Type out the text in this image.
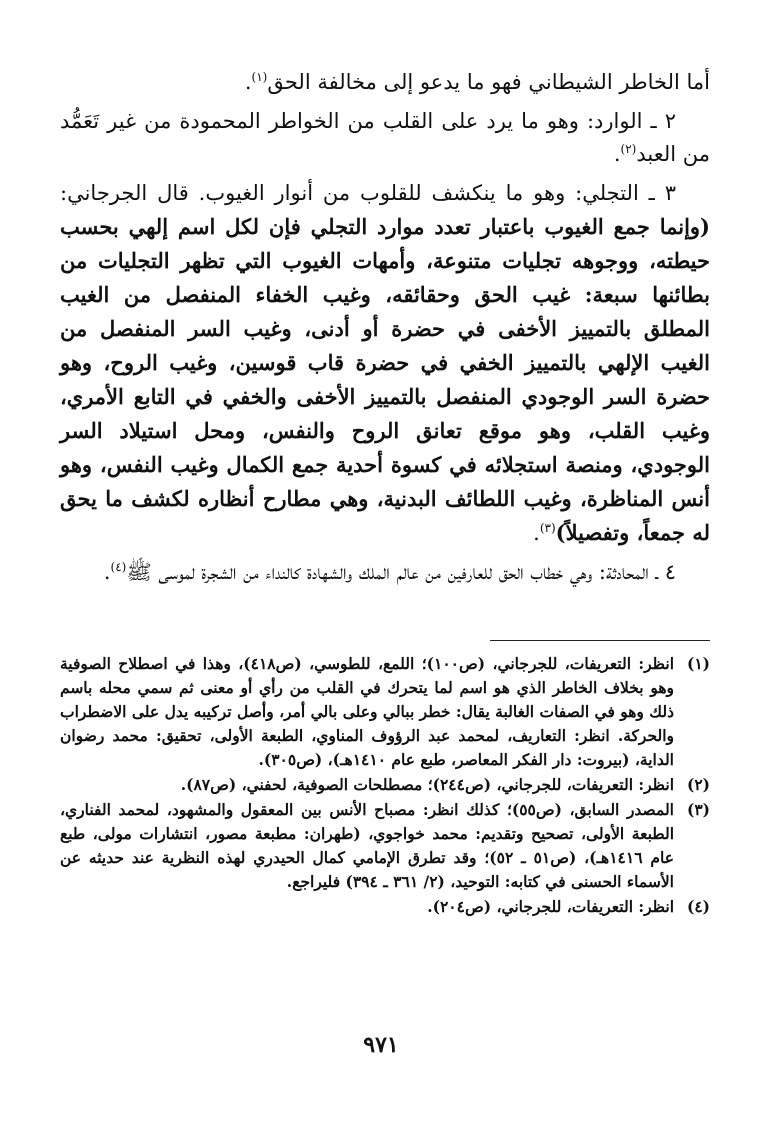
أما الخاطر الشيطاني فهو ما يدعو إلى مخالفة الحق$^{(١)}$.

٢ ـ الوارد: وهو ما يرد على القلب من الخواطر المحمودة من غير تَعَمُّد من العبد$^{(٢)}$.

٣ ـ التجلي: وهو ما ينكشف للقلوب من أنوار الغيوب. قال الجرجاني: (وإنما جمع الغيوب باعتبار تعدد موارد التجلي فإن لكل اسم إلهي بحسب حيطته، ووجوهه تجليات متنوعة، وأمهات الغيوب التي تظهر التجليات من بطائنها سبعة: غيب الحق وحقائقه، وغيب الخفاء المنفصل من الغيب المطلق بالتمييز الأخفى في حضرة أو أدنى، وغيب السر المنفصل من الغيب الإلهي بالتمييز الخفي في حضرة قاب قوسين، وغيب الروح، وهو حضرة السر الوجودي المنفصل بالتمييز الأخفى والخفي في التابع الأمري، وغيب القلب، وهو موقع تعانق الروح والنفس، ومحل استيلاد السر الوجودي، ومنصة استجلائه في كسوة أحدية جمع الكمال وغيب النفس، وهو أنس المناظرة، وغيب اللطائف البدنية، وهي مطارح أنظاره لكشف ما يحق له جمعاً، وتفصيلاً)$^{(٣)}$.

٤ ـ المحادثة: وهي خطاب الحق للعارفين من عالم الملك والشهادة كالنداء من الشجرة لموسى ﷺ$^{(٤)}$.

(١)
انظر: التعريفات، للجرجاني، (ص١٠٠)؛ اللمع، للطوسي، (ص٤١٨)، وهذا في اصطلاح الصوفية وهو بخلاف الخاطر الذي هو اسم لما يتحرك في القلب من رأي أو معنى ثم سمي محله باسم ذلك وهو في الصفات الغالبة يقال: خطر ببالي وعلى بالي أمر، وأصل تركيبه يدل على الاضطراب والحركة. انظر: التعاريف، لمحمد عبد الرؤوف المناوي، الطبعة الأولى، تحقيق: محمد رضوان الداية، (بيروت: دار الفكر المعاصر، طبع عام ١٤١٠هـ)، (ص٣٠٥).
(٢)
انظر: التعريفات، للجرجاني، (ص٢٤٤)؛ مصطلحات الصوفية، لحفني، (ص٨٧).
(٣)
المصدر السابق، (ص٥٥)؛ كذلك انظر: مصباح الأنس بين المعقول والمشهود، لمحمد الفناري، الطبعة الأولى، تصحيح وتقديم: محمد خواجوي، (طهران: مطبعة مصور، انتشارات مولى، طبع عام ١٤١٦هـ)، (ص٥١ ـ ٥٢)؛ وقد تطرق الإمامي كمال الحيدري لهذه النظرية عند حديثه عن الأسماء الحسنى في كتابه: التوحيد، (٢/ ٣٦١ ـ ٣٩٤) فليراجع.
(٤)
انظر: التعريفات، للجرجاني، (ص٢٠٤).
٩٧١
